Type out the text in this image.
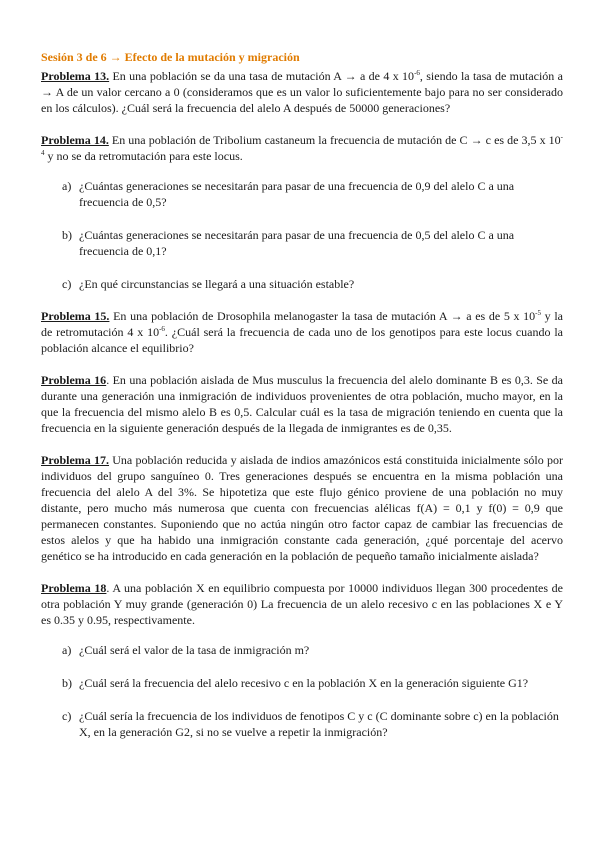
Sesión 3 de 6 → Efecto de la mutación y migración
Problema 13. En una población se da una tasa de mutación A → a de 4 x $10^{-6}$, siendo la tasa de mutación a → A de un valor cercano a 0 (consideramos que es un valor lo suficientemente bajo para no ser considerado en los cálculos). ¿Cuál será la frecuencia del alelo A después de 50000 generaciones?
Problema 14. En una población de Tribolium castaneum la frecuencia de mutación de C → c es de 3,5 x $10^{-4}$ y no se da retromutación para este locus.
a) ¿Cuántas generaciones se necesitarán para pasar de una frecuencia de 0,9 del alelo C a una frecuencia de 0,5?
b) ¿Cuántas generaciones se necesitarán para pasar de una frecuencia de 0,5 del alelo C a una frecuencia de 0,1?
c) ¿En qué circunstancias se llegará a una situación estable?
Problema 15. En una población de Drosophila melanogaster la tasa de mutación A → a es de 5 x $10^{-5}$ y la de retromutación 4 x $10^{-6}$. ¿Cuál será la frecuencia de cada uno de los genotipos para este locus cuando la población alcance el equilibrio?
Problema 16. En una población aislada de Mus musculus la frecuencia del alelo dominante B es 0,3. Se da durante una generación una inmigración de individuos provenientes de otra población, mucho mayor, en la que la frecuencia del mismo alelo B es 0,5. Calcular cuál es la tasa de migración teniendo en cuenta que la frecuencia en la siguiente generación después de la llegada de inmigrantes es de 0,35.
Problema 17. Una población reducida y aislada de indios amazónicos está constituida inicialmente sólo por individuos del grupo sanguíneo 0. Tres generaciones después se encuentra en la misma población una frecuencia del alelo A del 3%. Se hipotetiza que este flujo génico proviene de una población no muy distante, pero mucho más numerosa que cuenta con frecuencias alélicas f(A) = 0,1 y f(0) = 0,9 que permanecen constantes. Suponiendo que no actúa ningún otro factor capaz de cambiar las frecuencias de estos alelos y que ha habido una inmigración constante cada generación, ¿qué porcentaje del acervo genético se ha introducido en cada generación en la población de pequeño tamaño inicialmente aislada?
Problema 18. A una población X en equilibrio compuesta por 10000 individuos llegan 300 procedentes de otra población Y muy grande (generación 0) La frecuencia de un alelo recesivo c en las poblaciones X e Y es 0.35 y 0.95, respectivamente.
a) ¿Cuál será el valor de la tasa de inmigración m?
b) ¿Cuál será la frecuencia del alelo recesivo c en la población X en la generación siguiente G1?
c) ¿Cuál sería la frecuencia de los individuos de fenotipos C y c (C dominante sobre c) en la población X, en la generación G2, si no se vuelve a repetir la inmigración?
